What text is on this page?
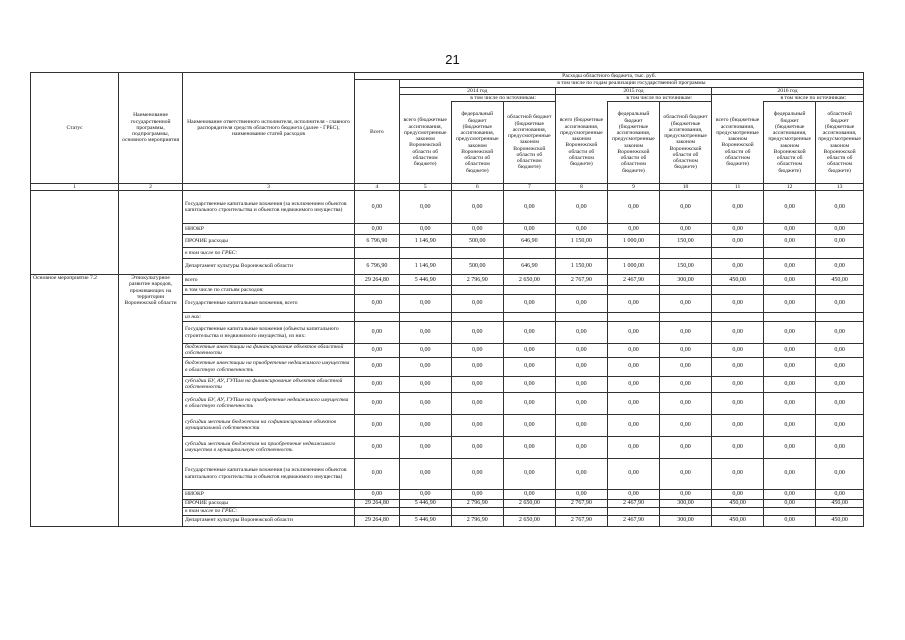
21
Статус	Наименование государственной программы, подпрограммы, основного мероприятия	Наименование ответственного исполнителя, исполнителя - главного распорядителя средств областного бюджета (далее - ГРБС), наименование статей расходов	Расходы областного бюджета, тыс. руб.									
			Всего	в том числе по годам реализации государственной программы								
				2014 год			2015 год			2016 год		
					в том числе по источникам:			в том числе по источникам:			в том числе по источникам:	
				всего (бюджетные ассигнования, предусмотренные законом Воронежской области об областном бюджете)	федеральный бюджет (бюджетные ассигнования, предусмотренные законом Воронежской области об областном бюджете)	областной бюджет (бюджетные ассигнования, предусмотренные законом Воронежской области об областном бюджете)	всего (бюджетные ассигнования, предусмотренные законом Воронежской области об областном бюджете)	федеральный бюджет (бюджетные ассигнования, предусмотренные законом Воронежской области об областном бюджете)	областной бюджет (бюджетные ассигнования, предусмотренные законом Воронежской области об областном бюджете)	всего (бюджетные ассигнования, предусмотренные законом Воронежской области об областном бюджете)	федеральный бюджет (бюджетные ассигнования, предусмотренные законом Воронежской области об областном бюджете)	областной бюджет (бюджетные ассигнования, предусмотренные законом Воронежской области об областном бюджете)
1	2	3	4	5	6	7	8	9	10	11	12	13
		Государственные капитальные вложения (за исключением объектов капитального строительства и объектов недвижимого имущества)	0,00	0,00	0,00	0,00	0,00	0,00	0,00	0,00	0,00	0,00
		НИОКР	0,00	0,00	0,00	0,00	0,00	0,00	0,00	0,00	0,00	0,00
		ПРОЧИЕ расходы	6 796,90	1 146,90	500,00	646,90	1 150,00	1 000,00	150,00	0,00	0,00	0,00
		в том числе по ГРБС:										
		Департамент культуры Воронежской области	6 796,90	1 146,90	500,00	646,90	1 150,00	1 000,00	150,00	0,00	0,00	0,00
Основное мероприятие 7.2	Этнокультурное развитие народов, проживающих на территории Воронежской области	всего	29 264,80	5 446,90	2 796,90	2 650,00	2 767,90	2 467,90	300,00	450,00	0,00	450,00
		в том числе по статьям расходов:										
		Государственные капитальные вложения, всего	0,00	0,00	0,00	0,00	0,00	0,00	0,00	0,00	0,00	0,00
		из них:										
		Государственные капитальные вложения (объекты капитального строительства и недвижимого имущества), из них:	0,00	0,00	0,00	0,00	0,00	0,00	0,00	0,00	0,00	0,00
		бюджетные инвестиции на финансирование объектов областной собственности	0,00	0,00	0,00	0,00	0,00	0,00	0,00	0,00	0,00	0,00
		бюджетные инвестиции на приобретение недвижимого имущества в областную собственность	0,00	0,00	0,00	0,00	0,00	0,00	0,00	0,00	0,00	0,00
		субсидии БУ, АУ, ГУПам на финансирование объектов областной собственности	0,00	0,00	0,00	0,00	0,00	0,00	0,00	0,00	0,00	0,00
		субсидии БУ, АУ, ГУПам на приобретение недвижимого имущества в областную собственность	0,00	0,00	0,00	0,00	0,00	0,00	0,00	0,00	0,00	0,00
		субсидии местным бюджетам на софинансирование объектов муниципальной собственности	0,00	0,00	0,00	0,00	0,00	0,00	0,00	0,00	0,00	0,00
		субсидии местным бюджетам на приобретение недвижимого имущества в муниципальную собственность	0,00	0,00	0,00	0,00	0,00	0,00	0,00	0,00	0,00	0,00
		Государственные капитальные вложения (за исключением объектов капитального строительства и объектов недвижимого имущества)	0,00	0,00	0,00	0,00	0,00	0,00	0,00	0,00	0,00	0,00
		НИОКР	0,00	0,00	0,00	0,00	0,00	0,00	0,00	0,00	0,00	0,00
		ПРОЧИЕ расходы	29 264,80	5 446,90	2 796,90	2 650,00	2 767,90	2 467,90	300,00	450,00	0,00	450,00
		в том числе по ГРБС:										
		Департамент культуры Воронежской области	29 264,80	5 446,90	2 796,90	2 650,00	2 767,90	2 467,90	300,00	450,00	0,00	450,00
